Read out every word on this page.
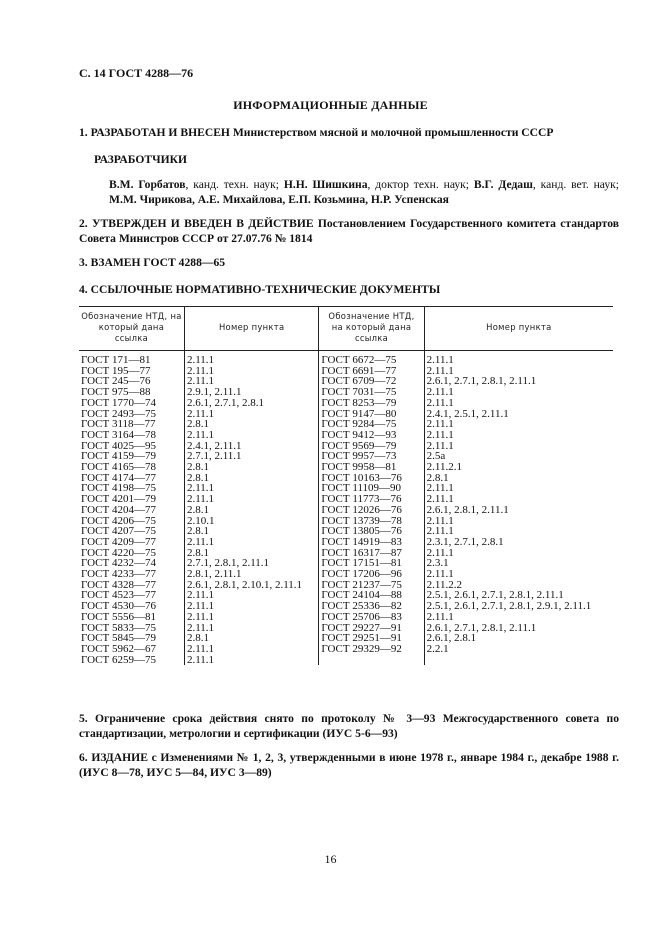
С. 14 ГОСТ 4288—76
ИНФОРМАЦИОННЫЕ ДАННЫЕ
1. РАЗРАБОТАН И ВНЕСЕН Министерством мясной и молочной промышленности СССР
РАЗРАБОТЧИКИ
В.М. Горбатов, канд. техн. наук; Н.Н. Шишкина, доктор техн. наук; В.Г. Дедаш, канд. вет. наук; М.М. Чирикова, А.Е. Михайлова, Е.П. Козьмина, Н.Р. Успенская
2. УТВЕРЖДЕН И ВВЕДЕН В ДЕЙСТВИЕ Постановлением Государственного комитета стандартов Совета Министров СССР от 27.07.76 № 1814
3. ВЗАМЕН ГОСТ 4288—65
4. ССЫЛОЧНЫЕ НОРМАТИВНО-ТЕХНИЧЕСКИЕ ДОКУМЕНТЫ
Обозначение НТД, на который дана ссылка	Номер пункта	Обозначение НТД, на который дана ссылка	Номер пункта
ГОСТ 171—81	2.11.1	ГОСТ 6672—75	2.11.1
ГОСТ 195—77	2.11.1	ГОСТ 6691—77	2.11.1
ГОСТ 245—76	2.11.1	ГОСТ 6709—72	2.6.1, 2.7.1, 2.8.1, 2.11.1
ГОСТ 975—88	2.9.1, 2.11.1	ГОСТ 7031—75	2.11.1
ГОСТ 1770—74	2.6.1, 2.7.1, 2.8.1	ГОСТ 8253—79	2.11.1
ГОСТ 2493—75	2.11.1	ГОСТ 9147—80	2.4.1, 2.5.1, 2.11.1
ГОСТ 3118—77	2.8.1	ГОСТ 9284—75	2.11.1
ГОСТ 3164—78	2.11.1	ГОСТ 9412—93	2.11.1
ГОСТ 4025—95	2.4.1, 2.11.1	ГОСТ 9569—79	2.11.1
ГОСТ 4159—79	2.7.1, 2.11.1	ГОСТ 9957—73	2.5а
ГОСТ 4165—78	2.8.1	ГОСТ 9958—81	2.11.2.1
ГОСТ 4174—77	2.8.1	ГОСТ 10163—76	2.8.1
ГОСТ 4198—75	2.11.1	ГОСТ 11109—90	2.11.1
ГОСТ 4201—79	2.11.1	ГОСТ 11773—76	2.11.1
ГОСТ 4204—77	2.8.1	ГОСТ 12026—76	2.6.1, 2.8.1, 2.11.1
ГОСТ 4206—75	2.10.1	ГОСТ 13739—78	2.11.1
ГОСТ 4207—75	2.8.1	ГОСТ 13805—76	2.11.1
ГОСТ 4209—77	2.11.1	ГОСТ 14919—83	2.3.1, 2.7.1, 2.8.1
ГОСТ 4220—75	2.8.1	ГОСТ 16317—87	2.11.1
ГОСТ 4232—74	2.7.1, 2.8.1, 2.11.1	ГОСТ 17151—81	2.3.1
ГОСТ 4233—77	2.8.1, 2.11.1	ГОСТ 17206—96	2.11.1
ГОСТ 4328—77	2.6.1, 2.8.1, 2.10.1, 2.11.1	ГОСТ 21237—75	2.11.2.2
ГОСТ 4523—77	2.11.1	ГОСТ 24104—88	2.5.1, 2.6.1, 2.7.1, 2.8.1, 2.11.1
ГОСТ 4530—76	2.11.1	ГОСТ 25336—82	2.5.1, 2.6.1, 2.7.1, 2.8.1, 2.9.1, 2.11.1
ГОСТ 5556—81	2.11.1	ГОСТ 25706—83	2.11.1
ГОСТ 5833—75	2.11.1	ГОСТ 29227—91	2.6.1, 2.7.1, 2.8.1, 2.11.1
ГОСТ 5845—79	2.8.1	ГОСТ 29251—91	2.6.1, 2.8.1
ГОСТ 5962—67	2.11.1	ГОСТ 29329—92	2.2.1
ГОСТ 6259—75	2.11.1		
5. Ограничение срока действия снято по протоколу № 3—93 Межгосударственного совета по стандартизации, метрологии и сертификации (ИУС 5-6—93)
6. ИЗДАНИЕ с Изменениями № 1, 2, 3, утвержденными в июне 1978 г., январе 1984 г., декабре 1988 г. (ИУС 8—78, ИУС 5—84, ИУС 3—89)
16
